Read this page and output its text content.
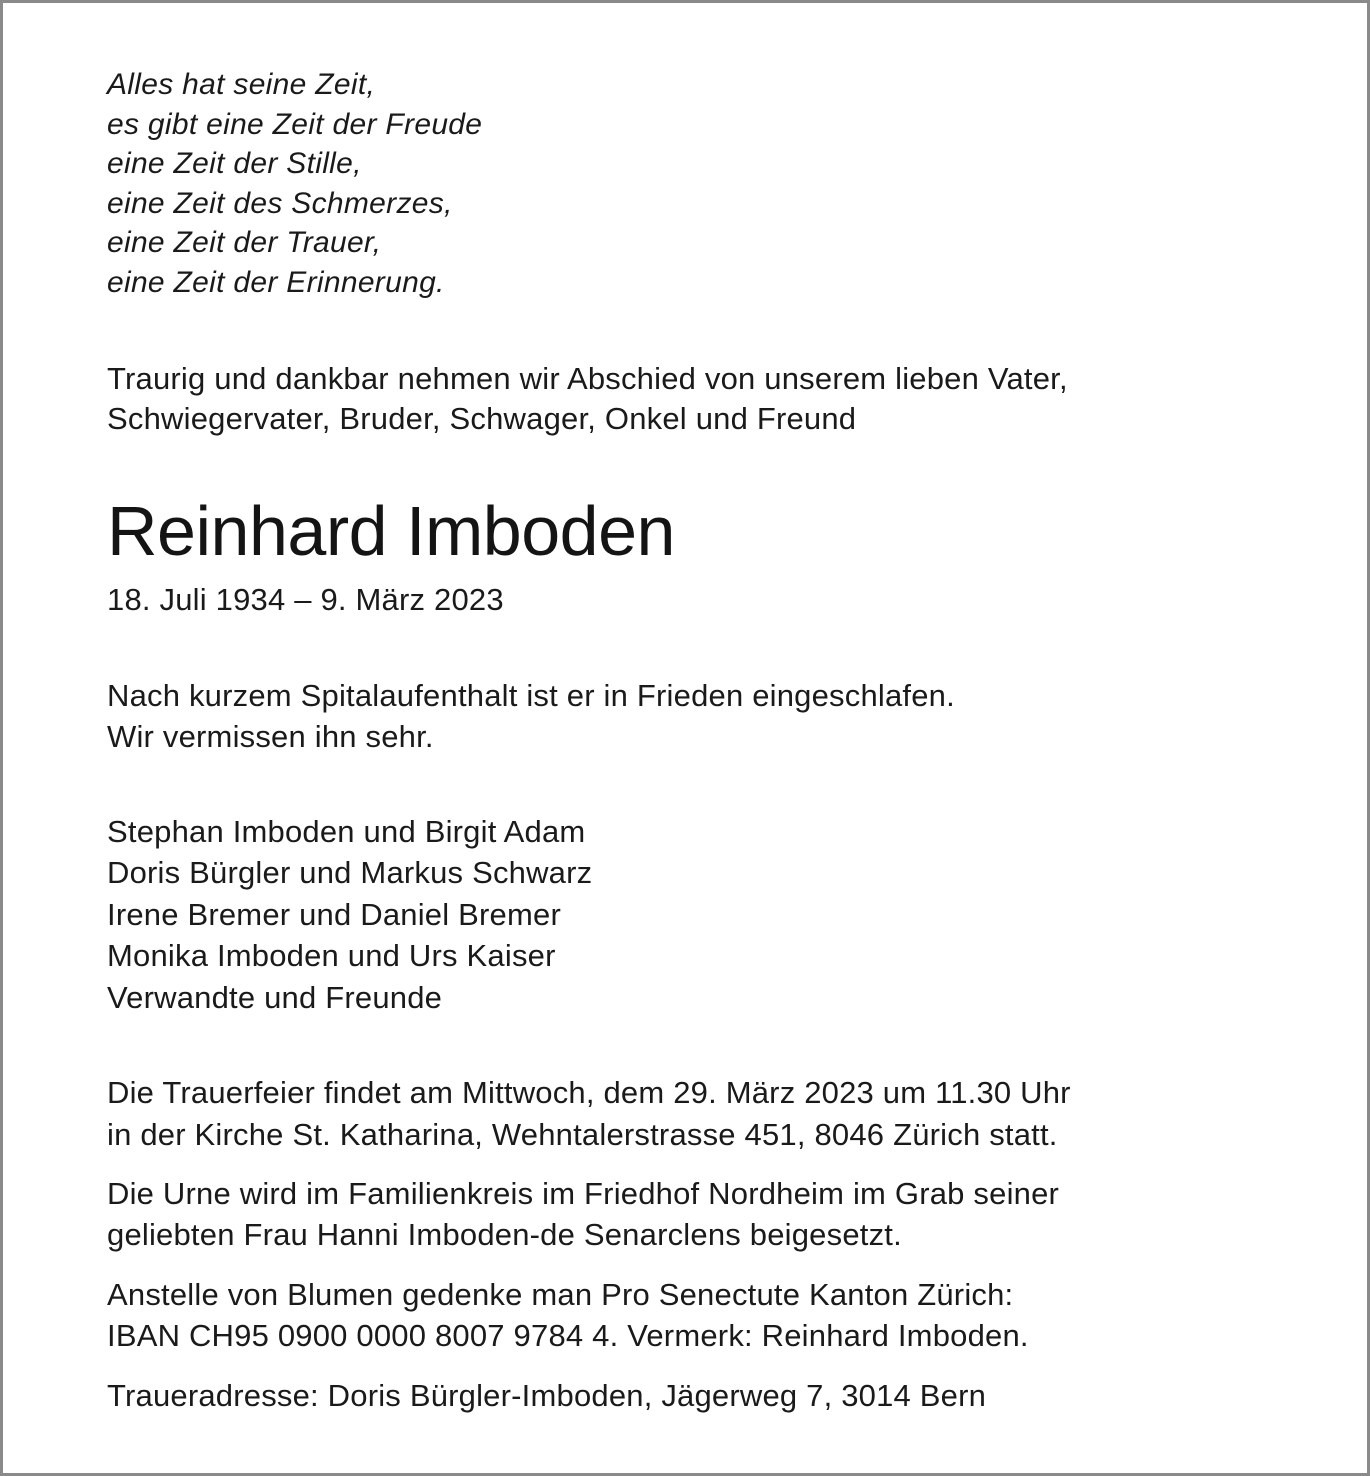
Alles hat seine Zeit,
es gibt eine Zeit der Freude
eine Zeit der Stille,
eine Zeit des Schmerzes,
eine Zeit der Trauer,
eine Zeit der Erinnerung.
Traurig und dankbar nehmen wir Abschied von unserem lieben Vater,
Schwiegervater, Bruder, Schwager, Onkel und Freund
Reinhard Imboden
18. Juli 1934 – 9. März 2023
Nach kurzem Spitalaufenthalt ist er in Frieden eingeschlafen.
Wir vermissen ihn sehr.
Stephan Imboden und Birgit Adam
Doris Bürgler und Markus Schwarz
Irene Bremer und Daniel Bremer
Monika Imboden und Urs Kaiser
Verwandte und Freunde
Die Trauerfeier findet am Mittwoch, dem 29. März 2023 um 11.30 Uhr
in der Kirche St. Katharina, Wehntalerstrasse 451, 8046 Zürich statt.
Die Urne wird im Familienkreis im Friedhof Nordheim im Grab seiner
geliebten Frau Hanni Imboden-de Senarclens beigesetzt.
Anstelle von Blumen gedenke man Pro Senectute Kanton Zürich:
IBAN CH95 0900 0000 8007 9784 4. Vermerk: Reinhard Imboden.
Traueradresse: Doris Bürgler-Imboden, Jägerweg 7, 3014 Bern
